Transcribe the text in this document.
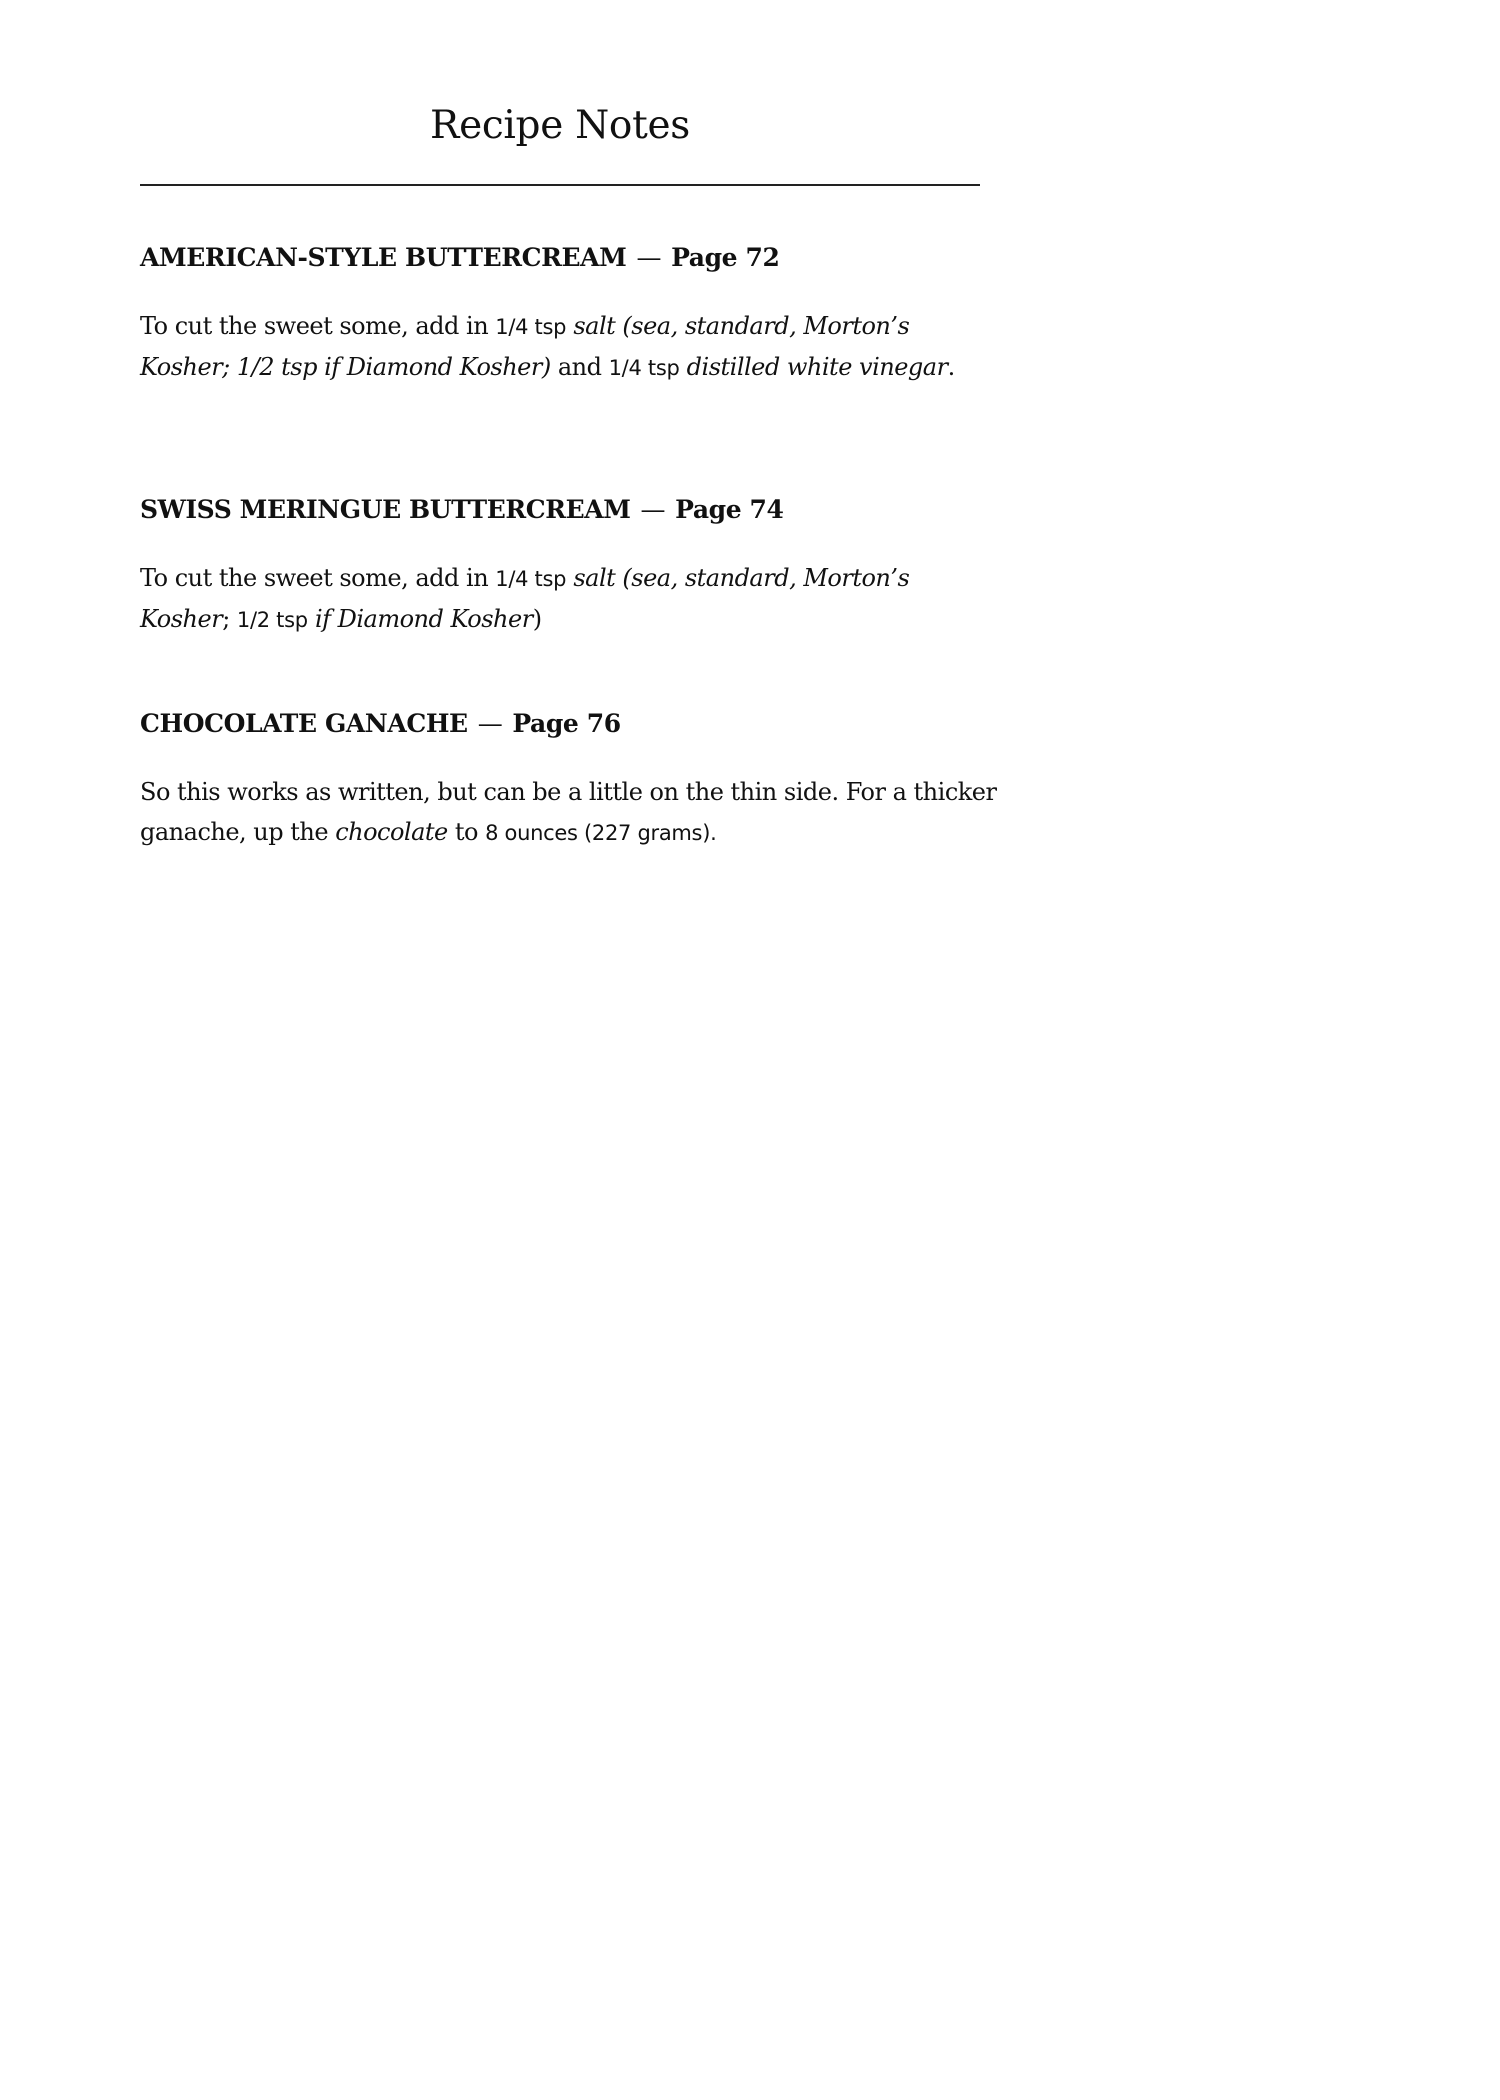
Recipe Notes
AMERICAN-STYLE BUTTERCREAM — Page 72

To cut the sweet some, add in 1/4 tsp salt (sea, standard, Morton’s Kosher; 1/2 tsp if Diamond Kosher) and 1/4 tsp distilled white vinegar.

SWISS MERINGUE BUTTERCREAM — Page 74

To cut the sweet some, add in 1/4 tsp salt (sea, standard, Morton’s Kosher; 1/2 tsp if Diamond Kosher)

CHOCOLATE GANACHE — Page 76

So this works as written, but can be a little on the thin side. For a thicker ganache, up the chocolate to 8 ounces (227 grams).
